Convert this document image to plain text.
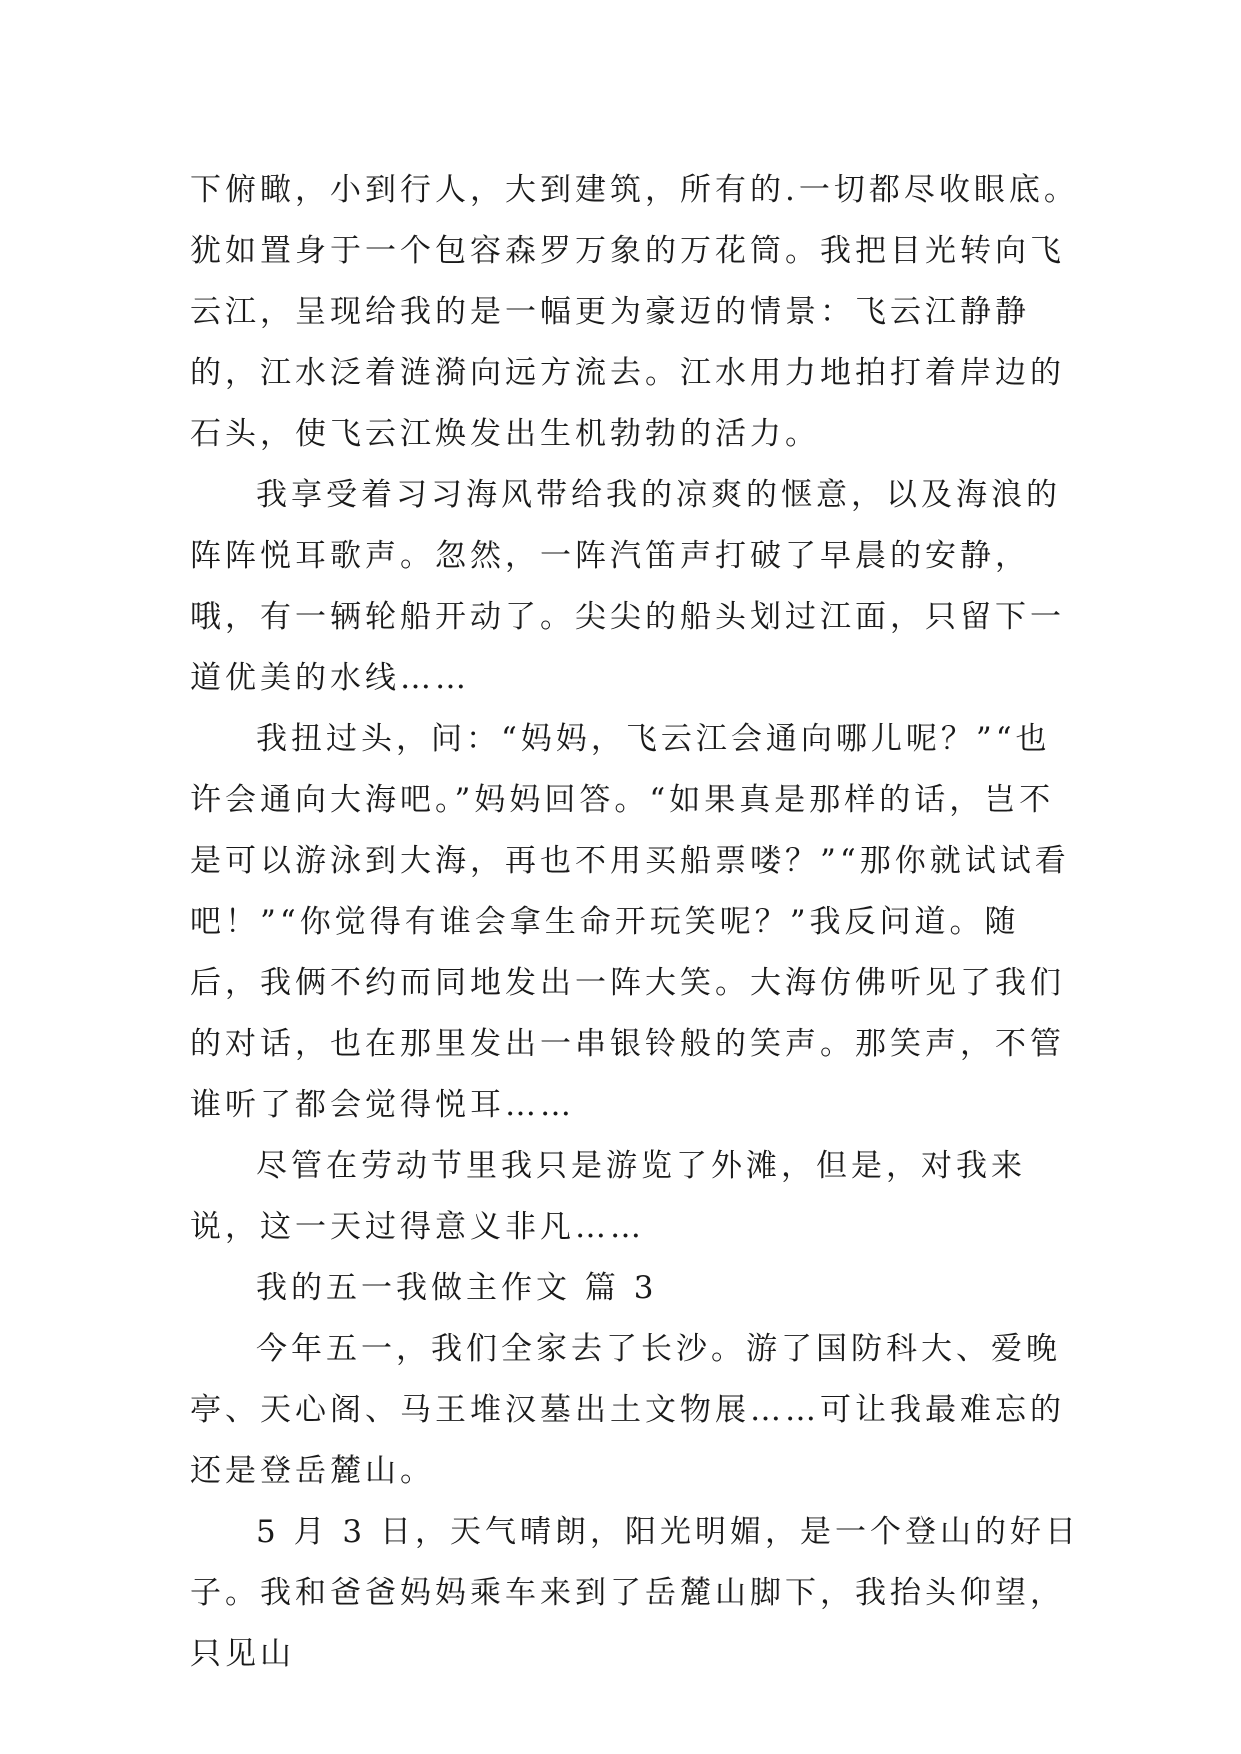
下俯瞰，小到行人，大到建筑，所有的.一切都尽收眼底。犹如置身于一个包容森罗万象的万花筒。我把目光转向飞云江，呈现给我的是一幅更为豪迈的情景：飞云江静静的，江水泛着涟漪向远方流去。江水用力地拍打着岸边的石头，使飞云江焕发出生机勃勃的活力。

我享受着习习海风带给我的凉爽的惬意，以及海浪的阵阵悦耳歌声。忽然，一阵汽笛声打破了早晨的安静，哦，有一辆轮船开动了。尖尖的船头划过江面，只留下一道优美的水线……

我扭过头，问：“妈妈，飞云江会通向哪儿呢？”“也许会通向大海吧。”妈妈回答。“如果真是那样的话，岂不是可以游泳到大海，再也不用买船票喽？”“那你就试试看吧！”“你觉得有谁会拿生命开玩笑呢？”我反问道。随后，我俩不约而同地发出一阵大笑。大海仿佛听见了我们的对话，也在那里发出一串银铃般的笑声。那笑声，不管谁听了都会觉得悦耳……

尽管在劳动节里我只是游览了外滩，但是，对我来说，这一天过得意义非凡……

我的五一我做主作文 篇 3

今年五一，我们全家去了长沙。游了国防科大、爱晚亭、天心阁、马王堆汉墓出土文物展……可让我最难忘的还是登岳麓山。

5 月 3 日，天气晴朗，阳光明媚，是一个登山的好日子。我和爸爸妈妈乘车来到了岳麓山脚下，我抬头仰望，只见山
